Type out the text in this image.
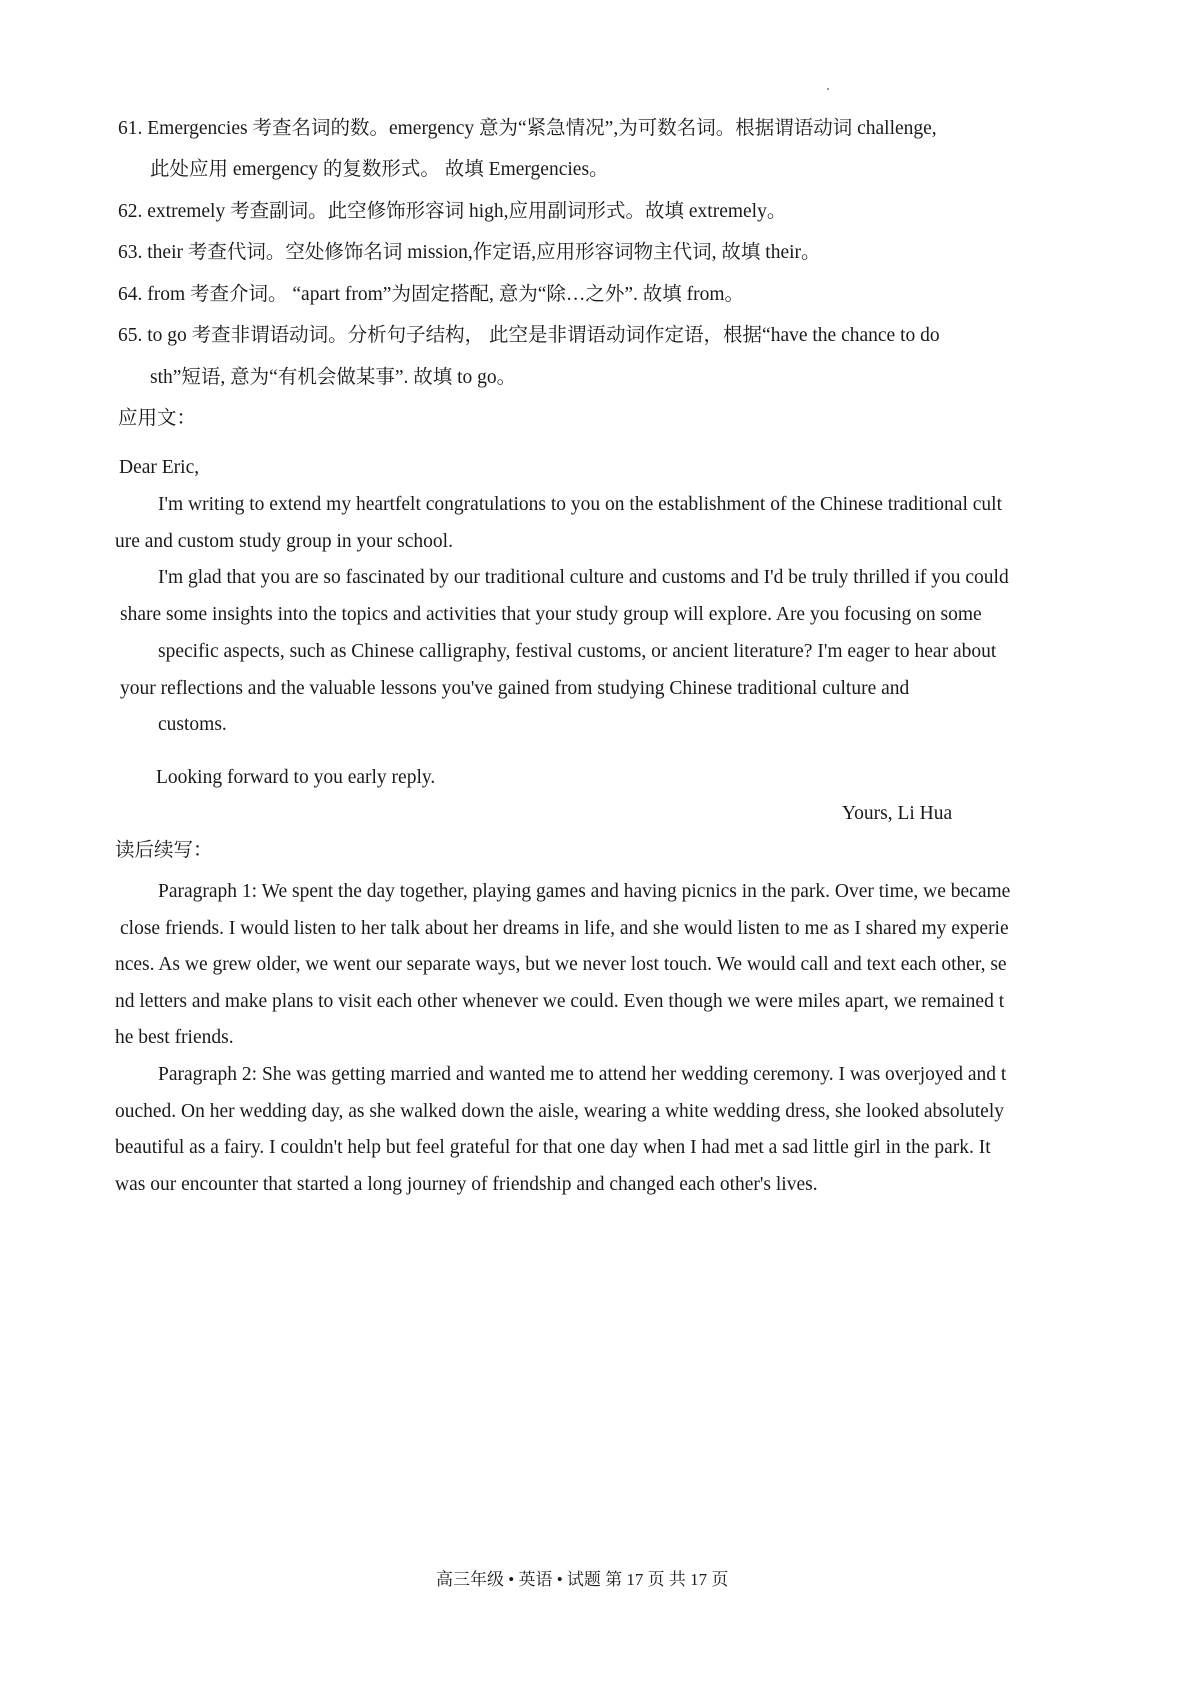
61. Emergencies 考查名词的数。emergency 意为“紧急情况”,为可数名词。根据谓语动词 challenge,
此处应用 emergency 的复数形式。 故填 Emergencies。
62. extremely 考查副词。此空修饰形容词 high,应用副词形式。故填 extremely。
63. their 考查代词。空处修饰名词 mission,作定语,应用形容词物主代词, 故填 their。
64. from 考查介词。 “apart from”为固定搭配, 意为“除…之外”. 故填 from。
65. to go 考查非谓语动词。分析句子结构， 此空是非谓语动词作定语，根据“have the chance to do
sth”短语, 意为“有机会做某事”. 故填 to go。
应用文：
Dear Eric,
I'm writing to extend my heartfelt congratulations to you on the establishment of the Chinese traditional cult
ure and custom study group in your school.
I'm glad that you are so fascinated by our traditional culture and customs and I'd be truly thrilled if you could
share some insights into the topics and activities that your study group will explore. Are you focusing on some
specific aspects, such as Chinese calligraphy, festival customs, or ancient literature? I'm eager to hear about
your reflections and the valuable lessons you've gained from studying Chinese traditional culture and
customs.
Looking forward to you early reply.
Yours, Li Hua
读后续写：
Paragraph 1: We spent the day together, playing games and having picnics in the park. Over time, we became
close friends. I would listen to her talk about her dreams in life, and she would listen to me as I shared my experie
nces. As we grew older, we went our separate ways, but we never lost touch. We would call and text each other, se
nd letters and make plans to visit each other whenever we could. Even though we were miles apart, we remained t
he best friends.
Paragraph 2: She was getting married and wanted me to attend her wedding ceremony. I was overjoyed and t
ouched. On her wedding day, as she walked down the aisle, wearing a white wedding dress, she looked absolutely
beautiful as a fairy. I couldn't help but feel grateful for that one day when I had met a sad little girl in the park. It
was our encounter that started a long journey of friendship and changed each other's lives.
高三年级 • 英语 • 试题 第 17 页 共 17 页
